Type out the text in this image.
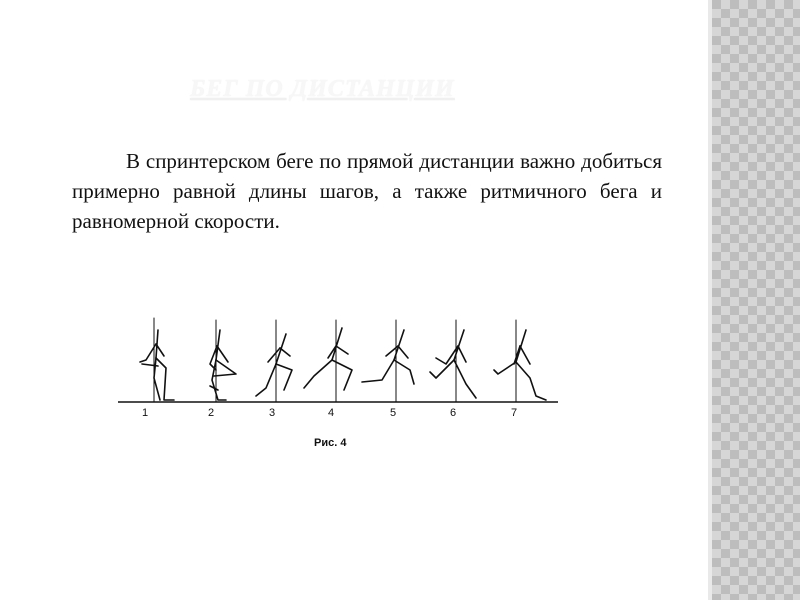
БЕГ ПО ДИСТАНЦИИ

В спринтерском беге по прямой дистанции важно добиться примерно равной длины шагов, а также ритмичного бега и равномерной скорости.

1	2	3	4	5	6	7
Рис. 4
